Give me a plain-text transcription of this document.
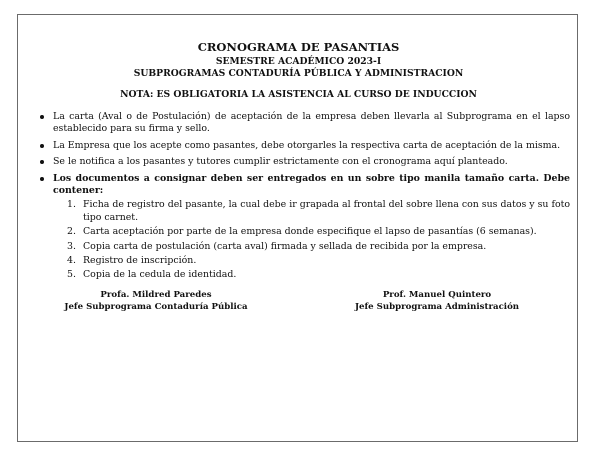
CRONOGRAMA DE PASANTIAS
SEMESTRE ACADÉMICO 2023-I
SUBPROGRAMAS CONTADURÍA PÚBLICA Y ADMINISTRACION
NOTA: ES OBLIGATORIA LA ASISTENCIA AL CURSO DE INDUCCION
La carta (Aval o de Postulación) de aceptación de la empresa deben llevarla al Subprograma en el lapso establecido para su firma y sello.
La Empresa que los acepte como pasantes, debe otorgarles la respectiva carta de aceptación de la misma.
Se le notifica a los pasantes y tutores cumplir estrictamente con el cronograma aquí planteado.
Los documentos a consignar deben ser entregados en un sobre tipo manila tamaño carta. Debe contener:
1. Ficha de registro del pasante, la cual debe ir grapada al frontal del sobre llena con sus datos y su foto tipo carnet.
2. Carta aceptación por parte de la empresa donde especifique el lapso de pasantías (6 semanas).
3. Copia carta de postulación (carta aval) firmada y sellada de recibida por la empresa.
4. Registro de inscripción.
5. Copia de la cedula de identidad.
Profa. Mildred Paredes
Jefe Subprograma Contaduría Pública
Prof. Manuel Quintero
Jefe Subprograma Administración
